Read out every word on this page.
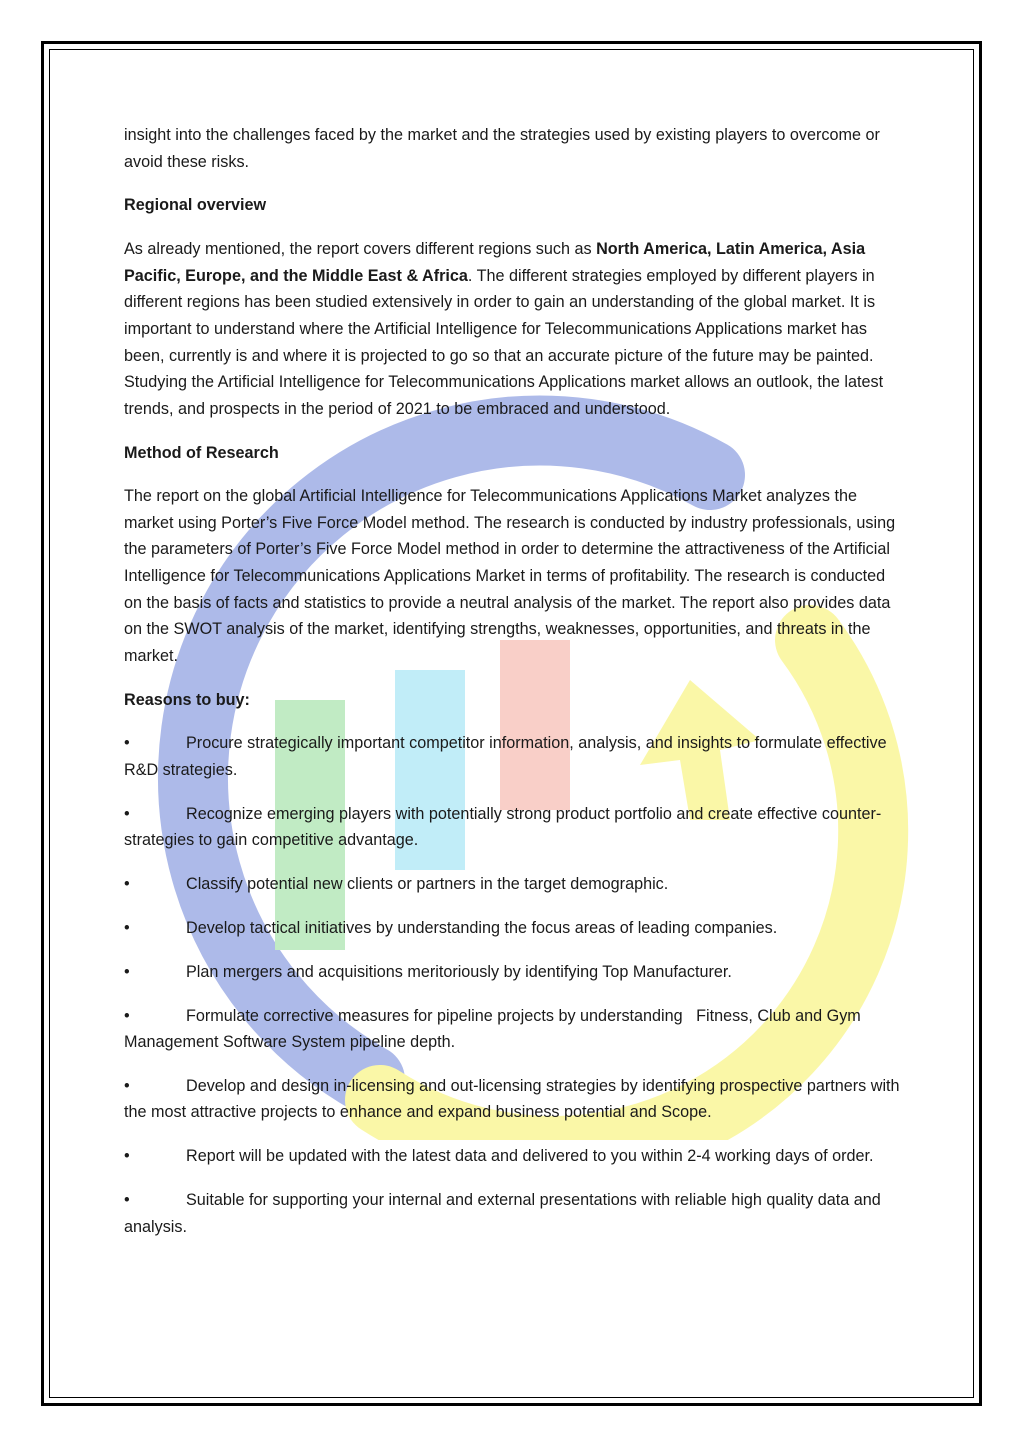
insight into the challenges faced by the market and the strategies used by existing players to overcome or avoid these risks.

Regional overview

As already mentioned, the report covers different regions such as North America, Latin America, Asia Pacific, Europe, and the Middle East & Africa. The different strategies employed by different players in different regions has been studied extensively in order to gain an understanding of the global market. It is important to understand where the Artificial Intelligence for Telecommunications Applications market has been, currently is and where it is projected to go so that an accurate picture of the future may be painted. Studying the Artificial Intelligence for Telecommunications Applications market allows an outlook, the latest trends, and prospects in the period of 2021 to be embraced and understood.

Method of Research

The report on the global Artificial Intelligence for Telecommunications Applications Market analyzes the market using Porter’s Five Force Model method. The research is conducted by industry professionals, using the parameters of Porter’s Five Force Model method in order to determine the attractiveness of the Artificial Intelligence for Telecommunications Applications Market in terms of profitability. The research is conducted on the basis of facts and statistics to provide a neutral analysis of the market. The report also provides data on the SWOT analysis of the market, identifying strengths, weaknesses, opportunities, and threats in the market.

Reasons to buy:

•	Procure strategically important competitor information, analysis, and insights to formulate effective R&D strategies.

•	Recognize emerging players with potentially strong product portfolio and create effective counter-strategies to gain competitive advantage.

•	Classify potential new clients or partners in the target demographic.

•	Develop tactical initiatives by understanding the focus areas of leading companies.

•	Plan mergers and acquisitions meritoriously by identifying Top Manufacturer.

•	Formulate corrective measures for pipeline projects by understanding   Fitness, Club and Gym Management Software System pipeline depth.

•	Develop and design in-licensing and out-licensing strategies by identifying prospective partners with the most attractive projects to enhance and expand business potential and Scope.

•	Report will be updated with the latest data and delivered to you within 2-4 working days of order.

•	Suitable for supporting your internal and external presentations with reliable high quality data and analysis.
